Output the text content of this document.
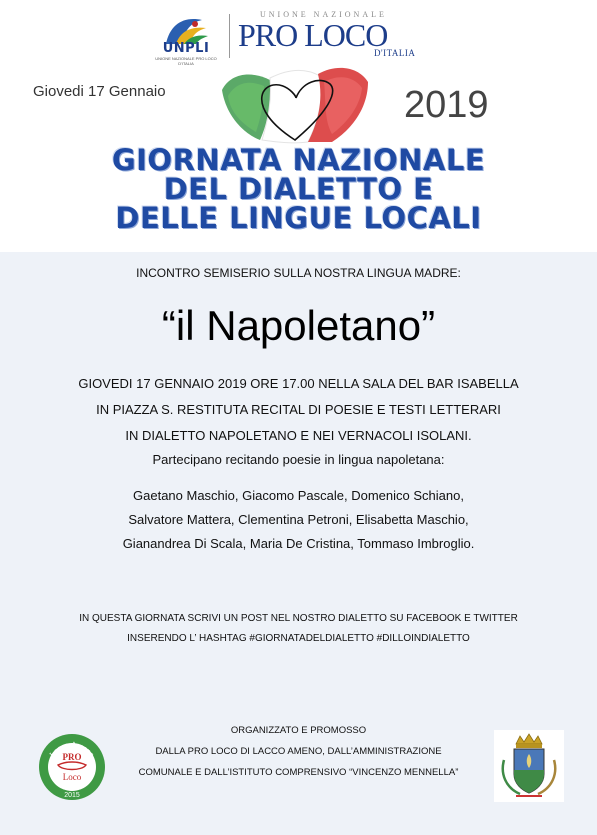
UNPLI
UNIONE NAZIONALE PRO LOCO D'ITALIA
UNIONE NAZIONALE
PRO LOCO
D'ITALIA
Giovedi 17 Gennaio	2019
GIORNATA NAZIONALE
DEL DIALETTO E
DELLE LINGUE LOCALI
INCONTRO SEMISERIO SULLA NOSTRA LINGUA MADRE:
“il Napoletano”
GIOVEDI 17 GENNAIO 2019 ORE 17.00 NELLA SALA DEL BAR ISABELLA
IN PIAZZA S. RESTITUTA RECITAL DI POESIE E TESTI LETTERARI
IN DIALETTO NAPOLETANO E NEI VERNACOLI ISOLANI.
Partecipano recitando poesie in lingua napoletana:
Gaetano Maschio, Giacomo Pascale, Domenico Schiano,
Salvatore Mattera, Clementina Petroni, Elisabetta Maschio,
Gianandrea Di Scala, Maria De Cristina, Tommaso Imbroglio.
IN QUESTA GIORNATA SCRIVI UN POST NEL NOSTRO DIALETTO SU FACEBOOK E TWITTER
INSERENDO L’ HASHTAG #GIORNATADELDIALETTO #DILLOINDIALETTO
ORGANIZZATO E PROMOSSO
DALLA PRO LOCO DI LACCO AMENO, DALL’AMMINISTRAZIONE
COMUNALE E DALL’ISTITUTO COMPRENSIVO “VINCENZO MENNELLA”
Lacco Ameno
PRO
Loco
2015
